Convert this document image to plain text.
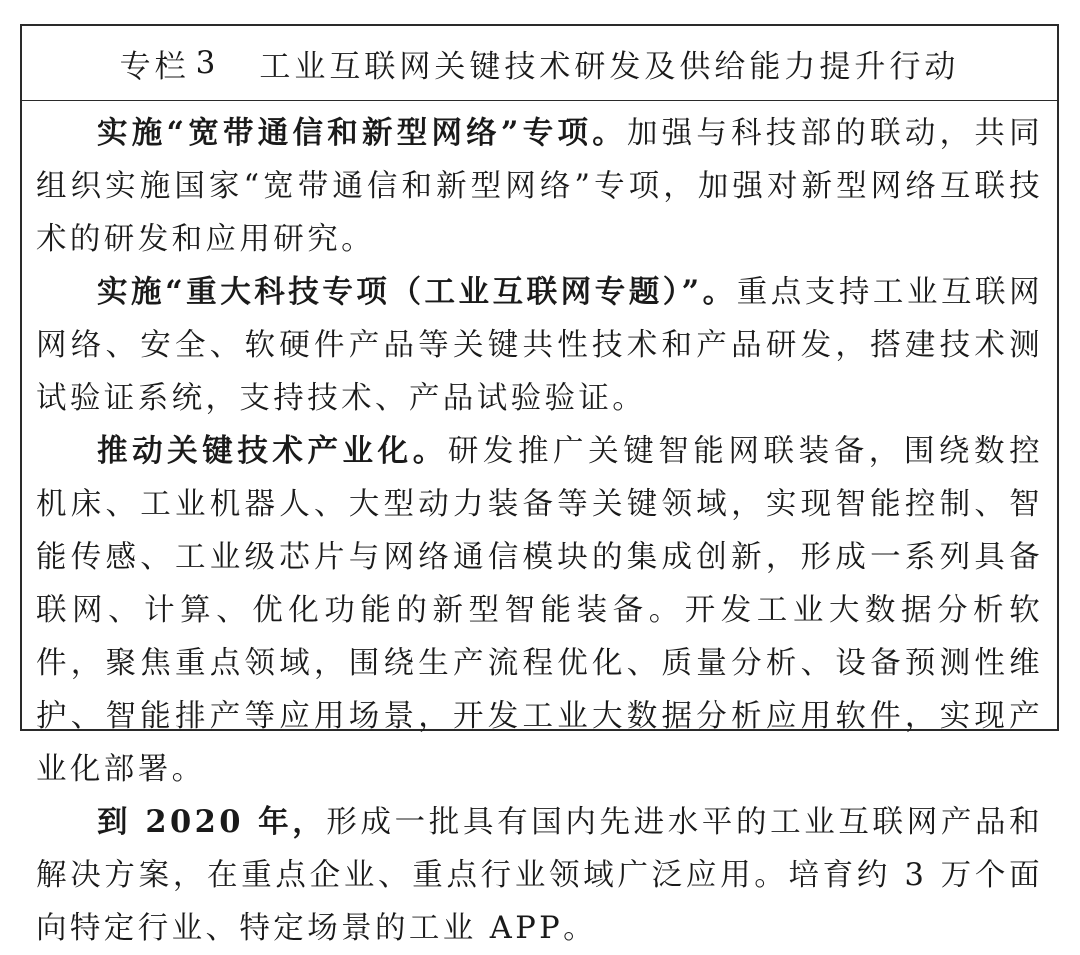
专栏 3 工业互联网关键技术研发及供给能力提升行动

实施“宽带通信和新型网络”专项。加强与科技部的联动，共同组织实施国家“宽带通信和新型网络”专项，加强对新型网络互联技术的研发和应用研究。

实施“重大科技专项（工业互联网专题）”。重点支持工业互联网网络、安全、软硬件产品等关键共性技术和产品研发，搭建技术测试验证系统，支持技术、产品试验验证。

推动关键技术产业化。研发推广关键智能网联装备，围绕数控机床、工业机器人、大型动力装备等关键领域，实现智能控制、智能传感、工业级芯片与网络通信模块的集成创新，形成一系列具备联网、计算、优化功能的新型智能装备。开发工业大数据分析软件，聚焦重点领域，围绕生产流程优化、质量分析、设备预测性维护、智能排产等应用场景，开发工业大数据分析应用软件，实现产业化部署。

到 2020 年，形成一批具有国内先进水平的工业互联网产品和解决方案，在重点企业、重点行业领域广泛应用。培育约 3 万个面向特定行业、特定场景的工业 APP。
